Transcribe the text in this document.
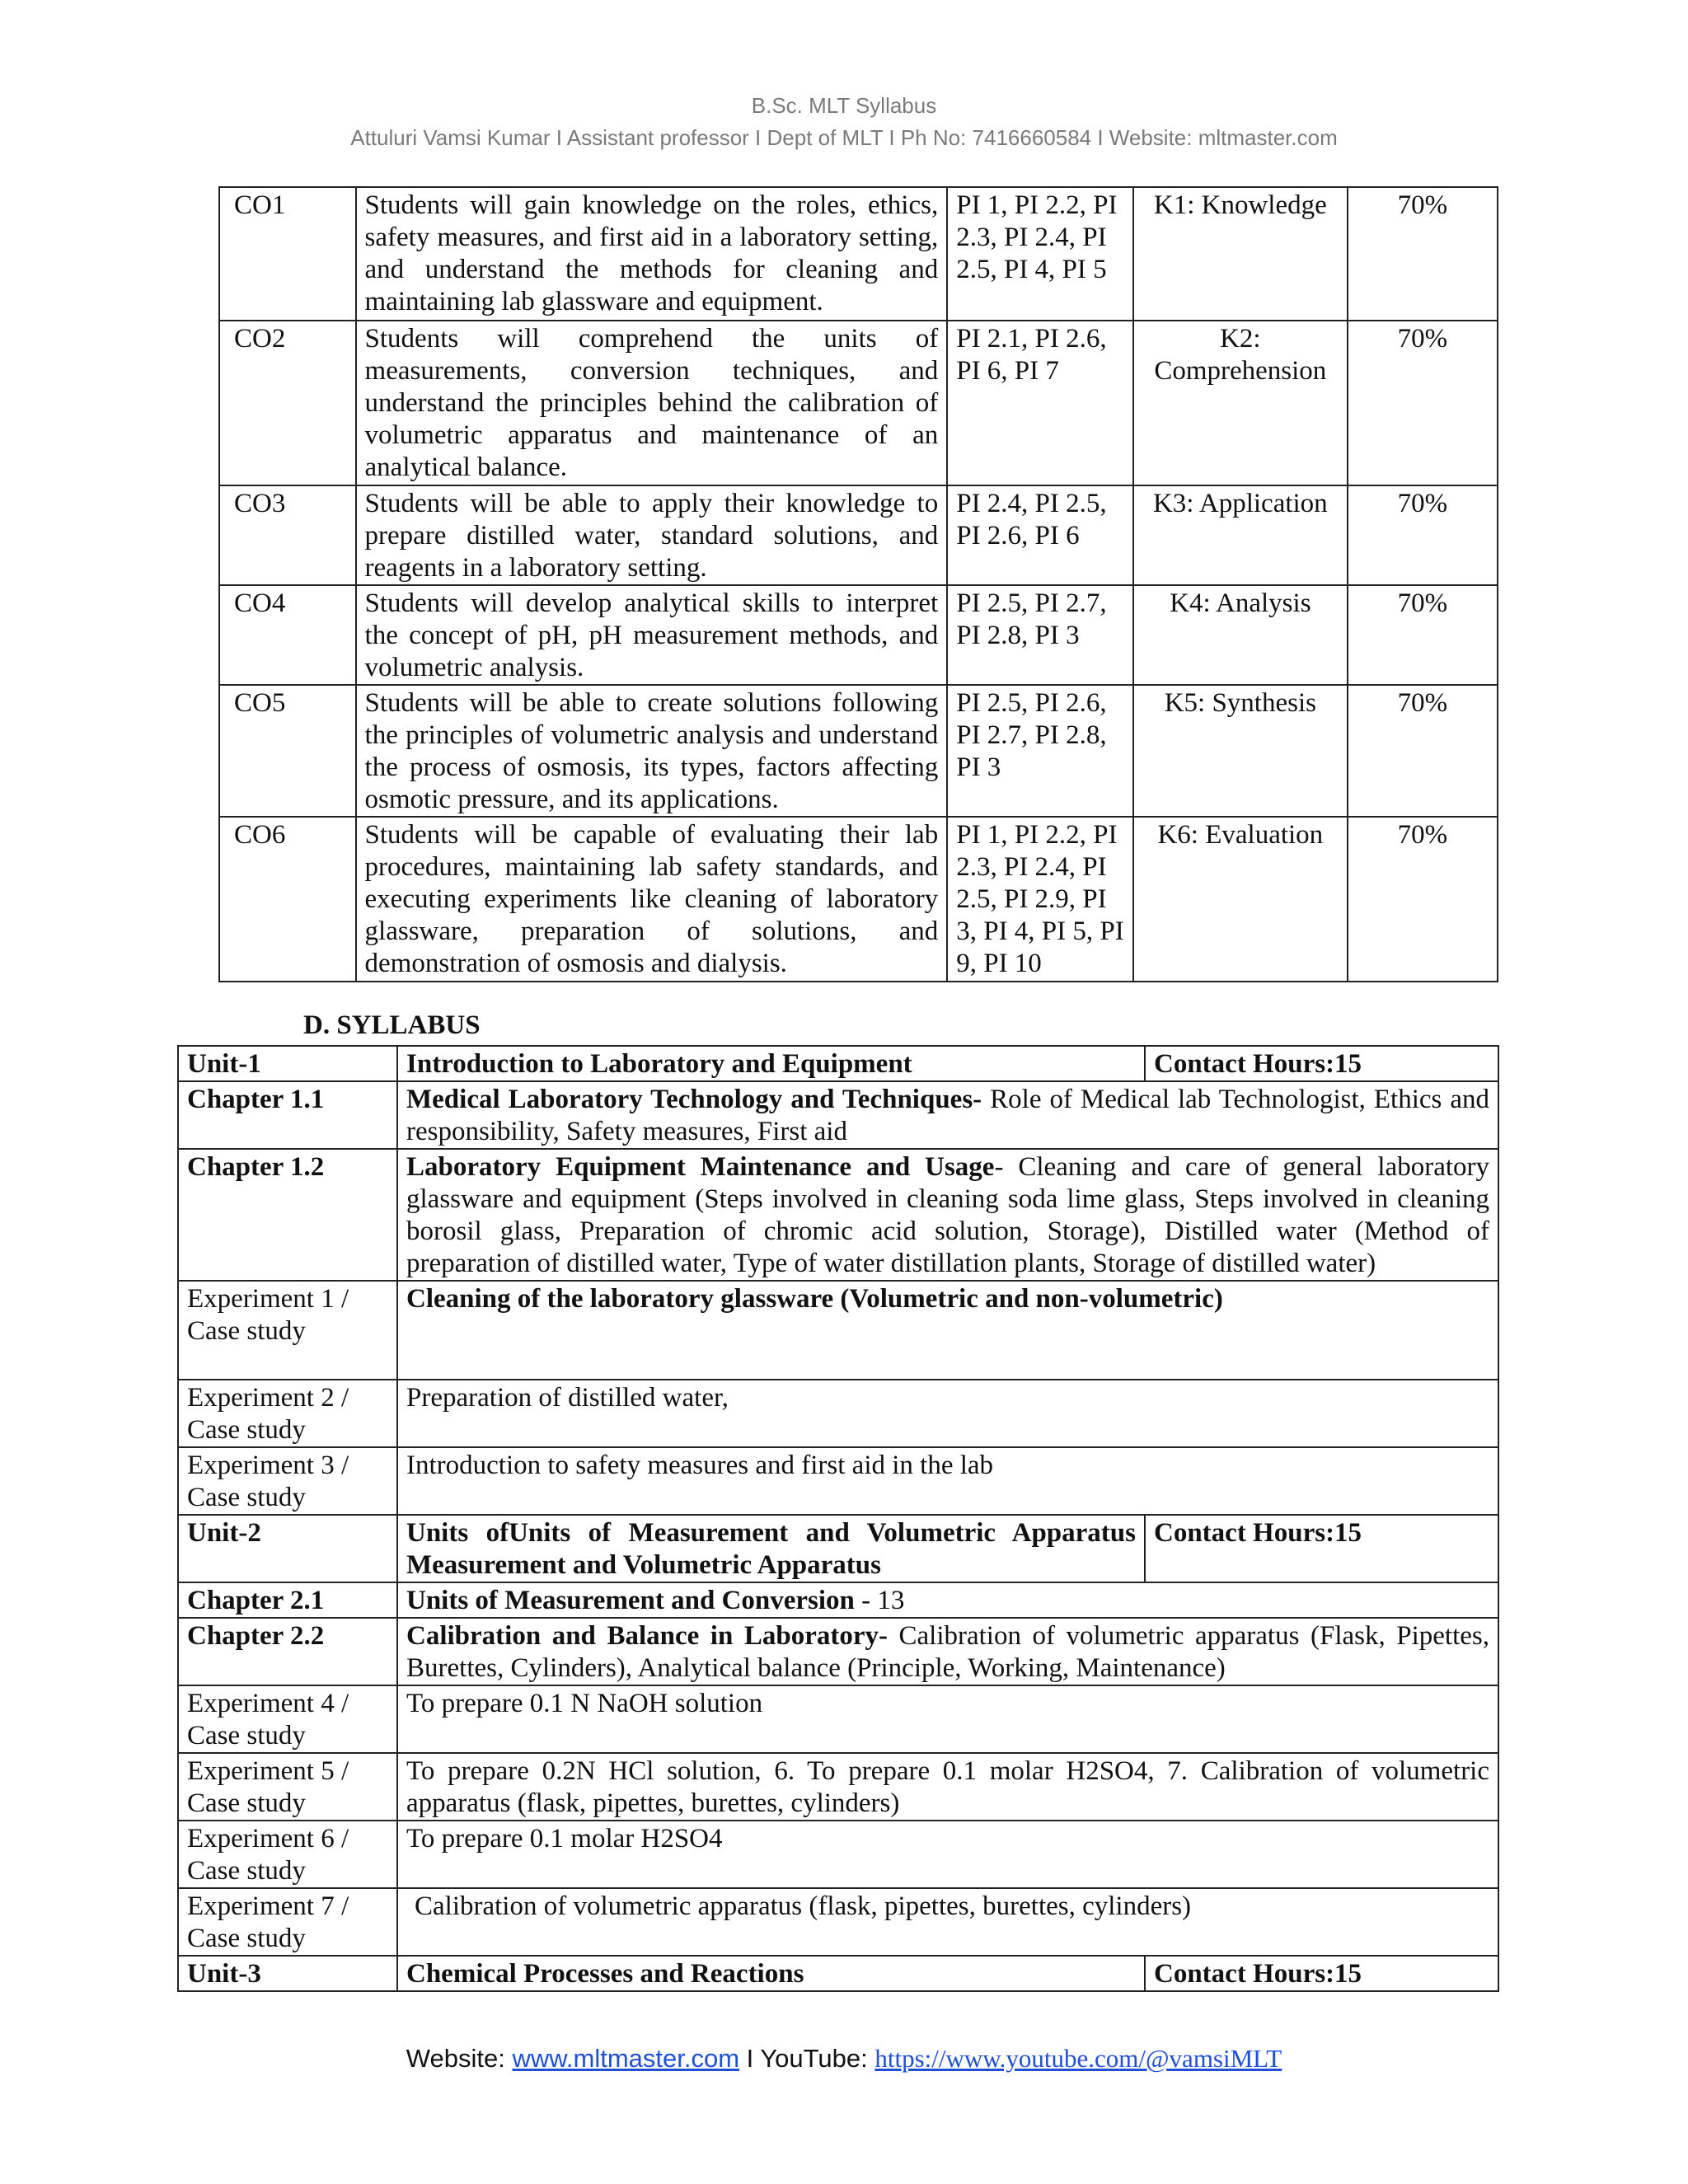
B.Sc. MLT Syllabus
Attuluri Vamsi Kumar I Assistant professor I Dept of MLT I Ph No: 7416660584 I Website: mltmaster.com
CO1	Students will gain knowledge on the roles, ethics, safety measures, and first aid in a laboratory setting, and understand the methods for cleaning and maintaining lab glassware and equipment.	PI 1, PI 2.2, PI 2.3, PI 2.4, PI 2.5, PI 4, PI 5	K1: Knowledge	70%
CO2	Students will comprehend the units of measurements, conversion techniques, and understand the principles behind the calibration of volumetric apparatus and maintenance of an analytical balance.	PI 2.1, PI 2.6, PI 6, PI 7	K2: Comprehension	70%
CO3	Students will be able to apply their knowledge to prepare distilled water, standard solutions, and reagents in a laboratory setting.	PI 2.4, PI 2.5, PI 2.6, PI 6	K3: Application	70%
CO4	Students will develop analytical skills to interpret the concept of pH, pH measurement methods, and volumetric analysis.	PI 2.5, PI 2.7, PI 2.8, PI 3	K4: Analysis	70%
CO5	Students will be able to create solutions following the principles of volumetric analysis and understand the process of osmosis, its types, factors affecting osmotic pressure, and its applications.	PI 2.5, PI 2.6, PI 2.7, PI 2.8, PI 3	K5: Synthesis	70%
CO6	Students will be capable of evaluating their lab procedures, maintaining lab safety standards, and executing experiments like cleaning of laboratory glassware, preparation of solutions, and demonstration of osmosis and dialysis.	PI 1, PI 2.2, PI 2.3, PI 2.4, PI 2.5, PI 2.9, PI 3, PI 4, PI 5, PI 9, PI 10	K6: Evaluation	70%
D. SYLLABUS
Unit-1	Introduction to Laboratory and Equipment	Contact Hours:15
Chapter 1.1	Medical Laboratory Technology and Techniques- Role of Medical lab Technologist, Ethics and responsibility, Safety measures, First aid	
Chapter 1.2	Laboratory Equipment Maintenance and Usage- Cleaning and care of general laboratory glassware and equipment (Steps involved in cleaning soda lime glass, Steps involved in cleaning borosil glass, Preparation of chromic acid solution, Storage), Distilled water (Method of preparation of distilled water, Type of water distillation plants, Storage of distilled water)	
Experiment 1 / Case study	Cleaning of the laboratory glassware (Volumetric and non-volumetric)	
Experiment 2 / Case study	Preparation of distilled water,	
Experiment 3 / Case study	Introduction to safety measures and first aid in the lab	
Unit-2	Units ofUnits of Measurement and Volumetric Apparatus Measurement and Volumetric Apparatus	Contact Hours:15
Chapter 2.1	Units of Measurement and Conversion - 13	
Chapter 2.2	Calibration and Balance in Laboratory- Calibration of volumetric apparatus (Flask, Pipettes, Burettes, Cylinders), Analytical balance (Principle, Working, Maintenance)	
Experiment 4 / Case study	To prepare 0.1 N NaOH solution	
Experiment 5 / Case study	To prepare 0.2N HCl solution, 6. To prepare 0.1 molar H2SO4, 7. Calibration of volumetric apparatus (flask, pipettes, burettes, cylinders)	
Experiment 6 / Case study	To prepare 0.1 molar H2SO4	
Experiment 7 / Case study	Calibration of volumetric apparatus (flask, pipettes, burettes, cylinders)	
Unit-3	Chemical Processes and Reactions	Contact Hours:15
Website: www.mltmaster.com I YouTube: https://www.youtube.com/@vamsiMLT
